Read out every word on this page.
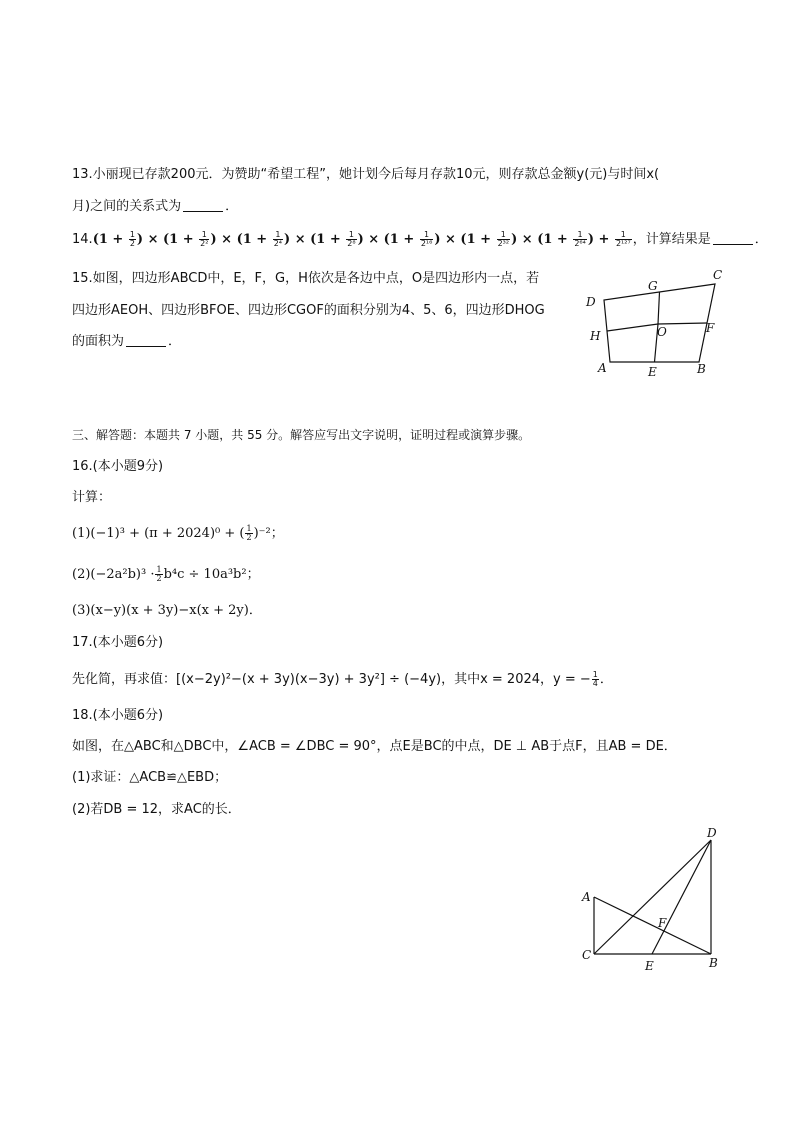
13.小丽现已存款200元．为赞助“希望工程”，她计划今后每月存款10元，则存款总金额y(元)与时间x(
月)之间的关系式为	．
$14.(1 + \frac{1}{2}$ ) × ($1 + \frac{1}{\text{2²}}$ ) × ($1 + \frac{1}{\text{2⁴}}$ ) × ($1 + \frac{1}{\text{2⁸}}$ ) × ($1 + \frac{1}{\text{2¹⁶}}$ ) × ($1 + \frac{1}{\text{2³²}}$ ) × ($1 + \frac{1}{\text{2⁶⁴}}$ ) + $\frac{1}{\text{2¹²⁷}}$ ，计算结果是	．
15.如图，四边形ABCD中，E，F，G，H依次是各边中点，O是四边形内一点，若
四边形AEOH、四边形BFOE、四边形CGOF的面积分别为4、5、6，四边形DHOG
的面积为	．
D
G
C
H	O	F
A	E	B
三、解答题：本题共 7 小题，共 55 分。解答应写出文字说明，证明过程或演算步骤。
16.(本小题9分)
计算：
(1)(−1)³ + (π + 2024)⁰ + ( $\frac{1}{2} )^{-2}$；
$(2)(-2a^2b)^3 \cdot \frac{1}{2} b^4c \div 10a^3b^2$；
(3)(x−y)(x + 3y)−x(x + 2y)．
17.(本小题6分)
先化简，再求值：[(x−2y)²−(x + 3y)(x−3y) + 3y²] ÷ (−4y)，其中x = 2024，y = − $\frac{1}{4}$ ．
18.(本小题6分)
如图，在△ABC和△DBC中，∠ACB = ∠DBC = 90°，点E是BC的中点，DE ⊥ AB于点F，且AB = DE．
(1)求证：△ACB≌△EBD；
(2)若DB = 12，求AC的长．
D
A
F
C
E	B
